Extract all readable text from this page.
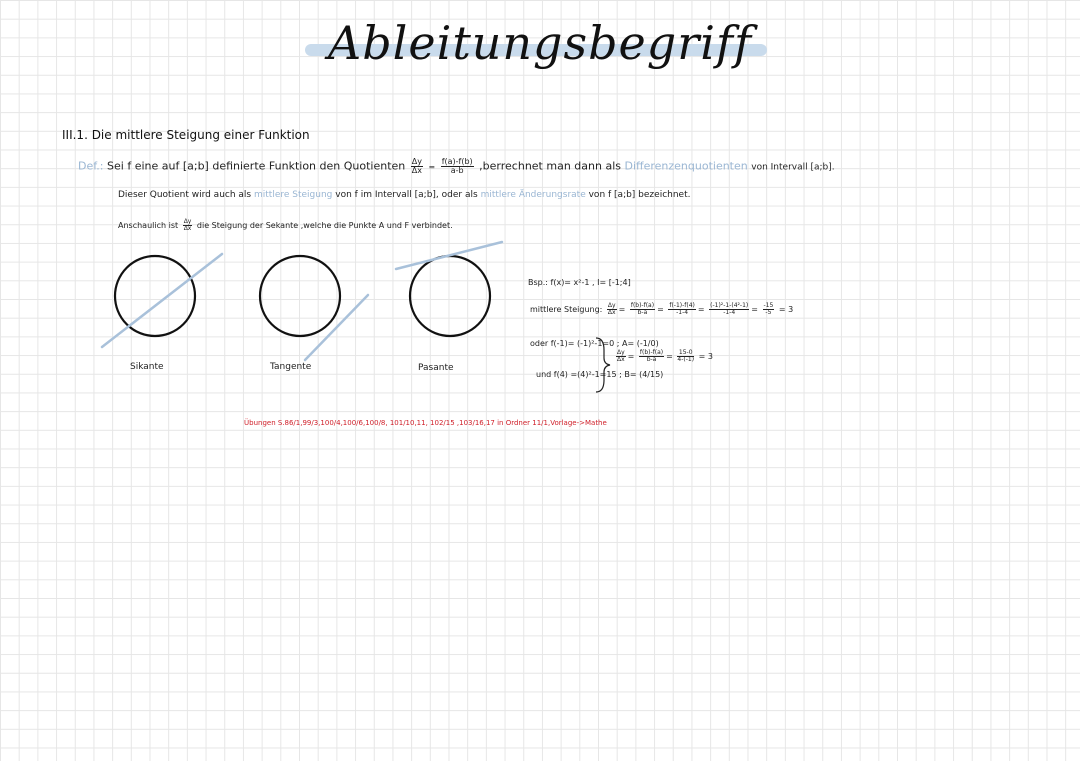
Ableitungsbegriff
III.1. Die mittlere Steigung einer Funktion
Def.: Sei f eine auf [a;b] definierte Funktion den Quotienten $\frac{\Delta y}{\Delta x} = \frac{f(a)-f(b)}{a-b}$ ,berrechnet man dann als Differenzenquotienten von Intervall [a;b].
Dieser Quotient wird auch als mittlere Steigung von f im Intervall [a;b], oder als mittlere Änderungsrate von f [a;b] bezeichnet.
Anschaulich ist $\frac{\Delta y}{\Delta x}$ die Steigung der Sekante ,welche die Punkte A und F verbindet.
Sikante	Tangente	Pasante
Bsp.: f(x)= x²-1 , I= [-1;4]
mittlere Steigung: $\frac{\Delta y}{\Delta x} = \frac{f(b)-f(a)}{b-a} = \frac{f(-1)-f(4)}{-1-4} = \frac{\text{(-1)²-1-(4²-1)}}{-1-4} = \frac{-15}{-5} = 3$
oder f(-1)= (-1)²-1=0 ; A= (-1/0)
und f(4) =(4)²-1=15 ; B= (4/15)
$\frac{\Delta y}{\Delta x} = \frac{f(b)-f(a)}{b-a} = \frac{15-0}{4-(-1)} = 3$
Übungen S.86/1,99/3,100/4,100/6,100/8, 101/10,11, 102/15 ,103/16,17 in Ordner 11/1,Vorlage->Mathe
